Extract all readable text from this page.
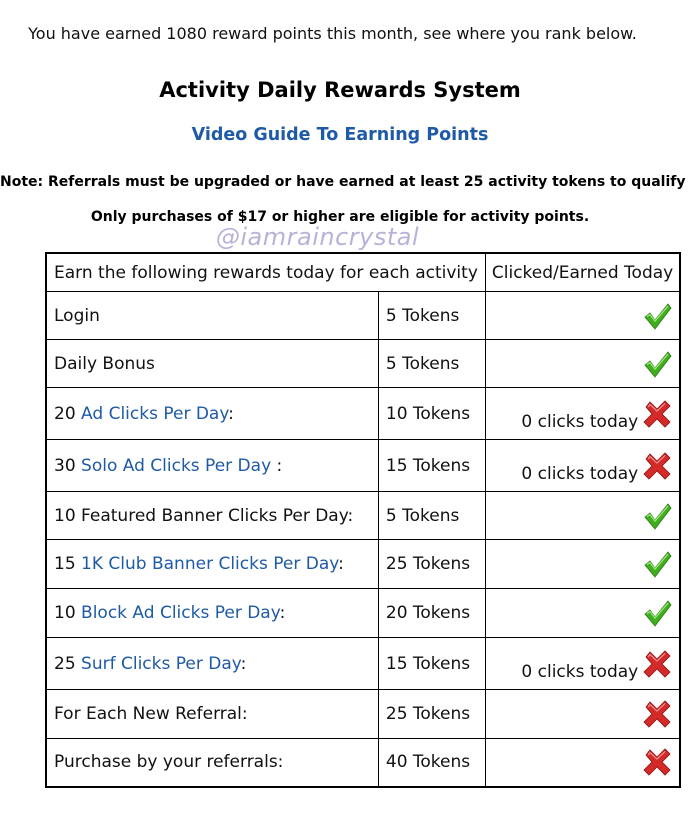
You have earned 1080 reward points this month, see where you rank below.
Activity Daily Rewards System
Video Guide To Earning Points
Note: Referrals must be upgraded or have earned at least 25 activity tokens to qualify
Only purchases of $17 or higher are eligible for activity points.
@iamraincrystal
Earn the following rewards today for each activity		Clicked/Earned Today
Login	5 Tokens	

Daily Bonus	5 Tokens	

20 Ad Clicks Per Day:	10 Tokens	0 clicks today

30 Solo Ad Clicks Per Day :	15 Tokens	0 clicks today

10 Featured Banner Clicks Per Day:	5 Tokens	

15 1K Club Banner Clicks Per Day:	25 Tokens	

10 Block Ad Clicks Per Day:	20 Tokens	

25 Surf Clicks Per Day:	15 Tokens	0 clicks today

For Each New Referral:	25 Tokens	

Purchase by your referrals:	40 Tokens	
